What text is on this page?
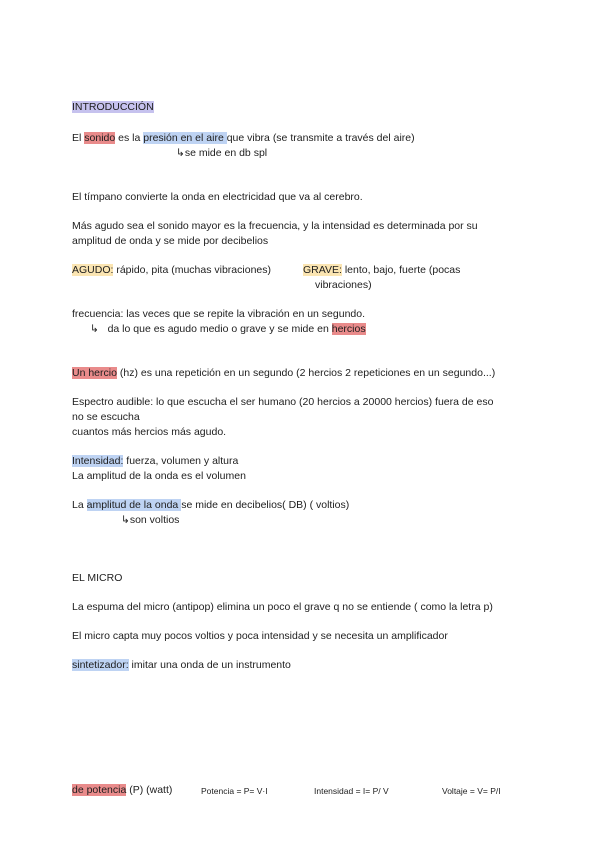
INTRODUCCIÓN
El sonido es la presión en el aire que vibra (se transmite a través del aire)
↳se mide en db spl
El tímpano convierte la onda en electricidad que va al cerebro.
Más agudo sea el sonido mayor es la frecuencia, y la intensidad es determinada por su
amplitud de onda y se mide por decibelios
AGUDO: rápido, pita (muchas vibraciones)	GRAVE: lento, bajo, fuerte (pocas
vibraciones)
frecuencia: las veces que se repite la vibración en un segundo.
↳ da lo que es agudo medio o grave y se mide en hercios
Un hercio (hz) es una repetición en un segundo (2 hercios 2 repeticiones en un segundo...)
Espectro audible: lo que escucha el ser humano (20 hercios a 20000 hercios) fuera de eso
no se escucha
cuantos más hercios más agudo.
Intensidad: fuerza, volumen y altura
La amplitud de la onda es el volumen
La amplitud de la onda se mide en decibelios( DB) ( voltios)
↳son voltios
EL MICRO
La espuma del micro (antipop) elimina un poco el grave q no se entiende ( como la letra p)
El micro capta muy pocos voltios y poca intensidad y se necesita un amplificador
sintetizador: imitar una onda de un instrumento
de potencia (P) (watt)	Potencia = P= V·I	Intensidad = I= P/ V	Voltaje = V= P/I
